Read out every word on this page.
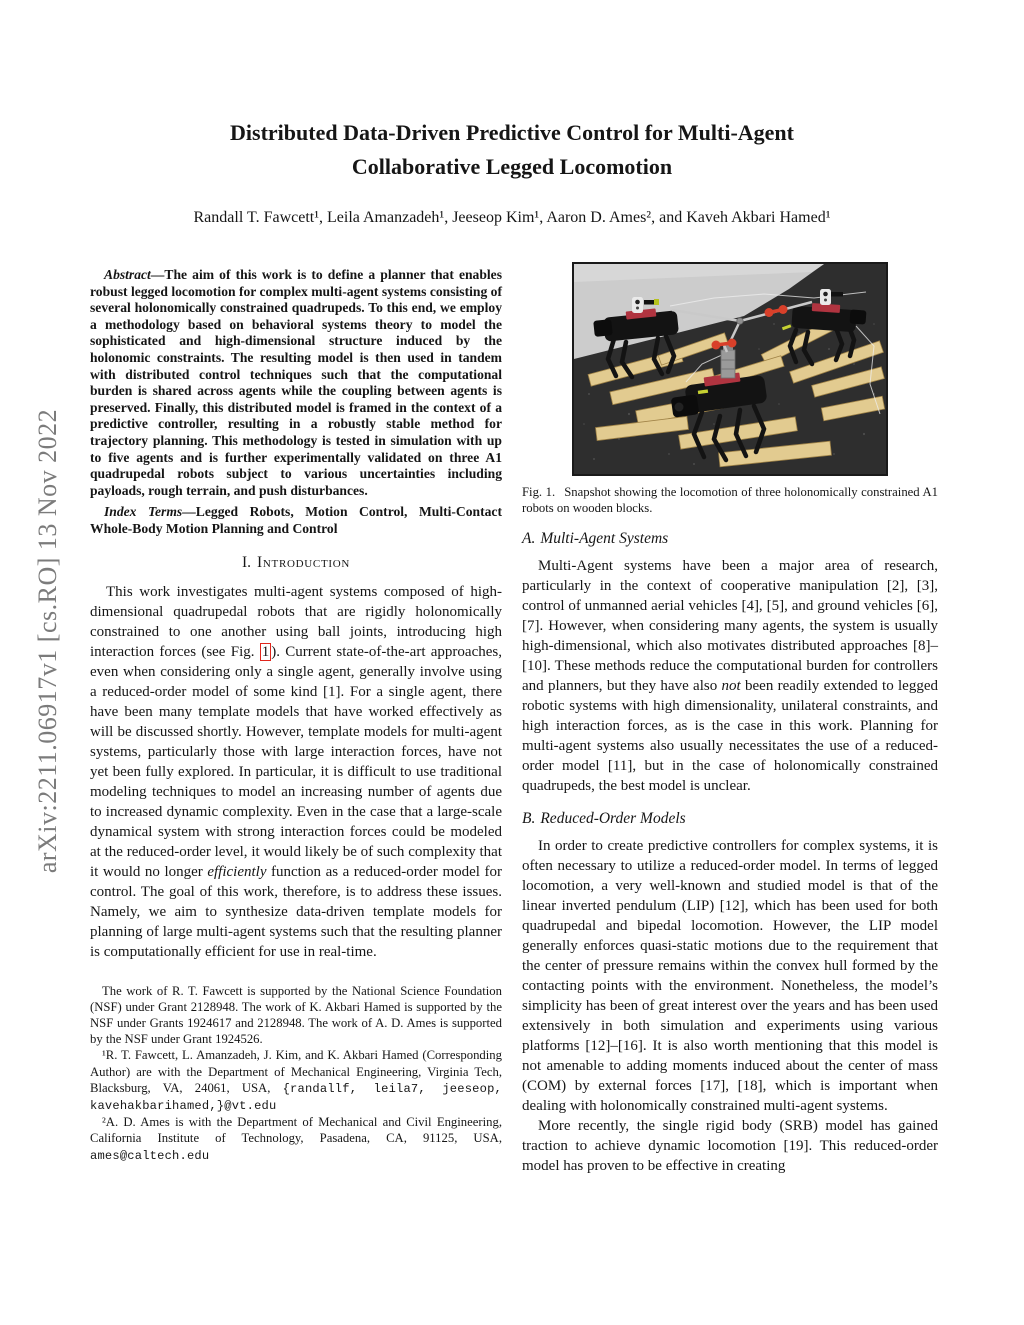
arXiv:2211.06917v1 [cs.RO] 13 Nov 2022
Distributed Data-Driven Predictive Control for Multi-Agent
Collaborative Legged Locomotion
Randall T. Fawcett¹, Leila Amanzadeh¹, Jeeseop Kim¹, Aaron D. Ames², and Kaveh Akbari Hamed¹

Abstract—The aim of this work is to define a planner that enables robust legged locomotion for complex multi-agent systems consisting of several holonomically constrained quadrupeds. To this end, we employ a methodology based on behavioral systems theory to model the sophisticated and high-dimensional structure induced by the holonomic constraints. The resulting model is then used in tandem with distributed control techniques such that the computational burden is shared across agents while the coupling between agents is preserved. Finally, this distributed model is framed in the context of a predictive controller, resulting in a robustly stable method for trajectory planning. This methodology is tested in simulation with up to five agents and is further experimentally validated on three A1 quadrupedal robots subject to various uncertainties including payloads, rough terrain, and push disturbances.

Index Terms—Legged Robots, Motion Control, Multi-Contact Whole-Body Motion Planning and Control

I. Introduction

This work investigates multi-agent systems composed of high-dimensional quadrupedal robots that are rigidly holonomically constrained to one another using ball joints, introducing high interaction forces (see Fig. 1 ). Current state-of-the-art approaches, even when considering only a single agent, generally involve using a reduced-order model of some kind [1]. For a single agent, there have been many template models that have worked effectively as will be discussed shortly. However, template models for multi-agent systems, particularly those with large interaction forces, have not yet been fully explored. In particular, it is difficult to use traditional modeling techniques to model an increasing number of agents due to increased dynamic complexity. Even in the case that a large-scale dynamical system with strong interaction forces could be modeled at the reduced-order level, it would likely be of such complexity that it would no longer efficiently function as a reduced-order model for control. The goal of this work, therefore, is to address these issues. Namely, we aim to synthesize data-driven template models for planning of large multi-agent systems such that the resulting planner is computationally efficient for use in real-time.

The work of R. T. Fawcett is supported by the National Science Foundation (NSF) under Grant 2128948. The work of K. Akbari Hamed is supported by the NSF under Grants 1924617 and 2128948. The work of A. D. Ames is supported by the NSF under Grant 1924526.

¹R. T. Fawcett, L. Amanzadeh, J. Kim, and K. Akbari Hamed (Corresponding Author) are with the Department of Mechanical Engineering, Virginia Tech, Blacksburg, VA, 24061, USA, {randallf, leila7, jeeseop, kavehakbarihamed,}@vt.edu

²A. D. Ames is with the Department of Mechanical and Civil Engineering, California Institute of Technology, Pasadena, CA, 91125, USA, ames@caltech.edu

Fig. 1. Snapshot showing the locomotion of three holonomically constrained A1 robots on wooden blocks.

A. Multi-Agent Systems

Multi-Agent systems have been a major area of research, particularly in the context of cooperative manipulation [2], [3], control of unmanned aerial vehicles [4], [5], and ground vehicles [6], [7]. However, when considering many agents, the system is usually high-dimensional, which also motivates distributed approaches [8]–[10]. These methods reduce the computational burden for controllers and planners, but they have also not been readily extended to legged robotic systems with high dimensionality, unilateral constraints, and high interaction forces, as is the case in this work. Planning for multi-agent systems also usually necessitates the use of a reduced-order model [11], but in the case of holonomically constrained quadrupeds, the best model is unclear.

B. Reduced-Order Models

In order to create predictive controllers for complex systems, it is often necessary to utilize a reduced-order model. In terms of legged locomotion, a very well-known and studied model is that of the linear inverted pendulum (LIP) [12], which has been used for both quadrupedal and bipedal locomotion. However, the LIP model generally enforces quasi-static motions due to the requirement that the center of pressure remains within the convex hull formed by the contacting points with the environment. Nonetheless, the model’s simplicity has been of great interest over the years and has been used extensively in both simulation and experiments using various platforms [12]–[16]. It is also worth mentioning that this model is not amenable to adding moments induced about the center of mass (COM) by external forces [17], [18], which is important when dealing with holonomically constrained multi-agent systems.

More recently, the single rigid body (SRB) model has gained traction to achieve dynamic locomotion [19]. This reduced-order model has proven to be effective in creating
